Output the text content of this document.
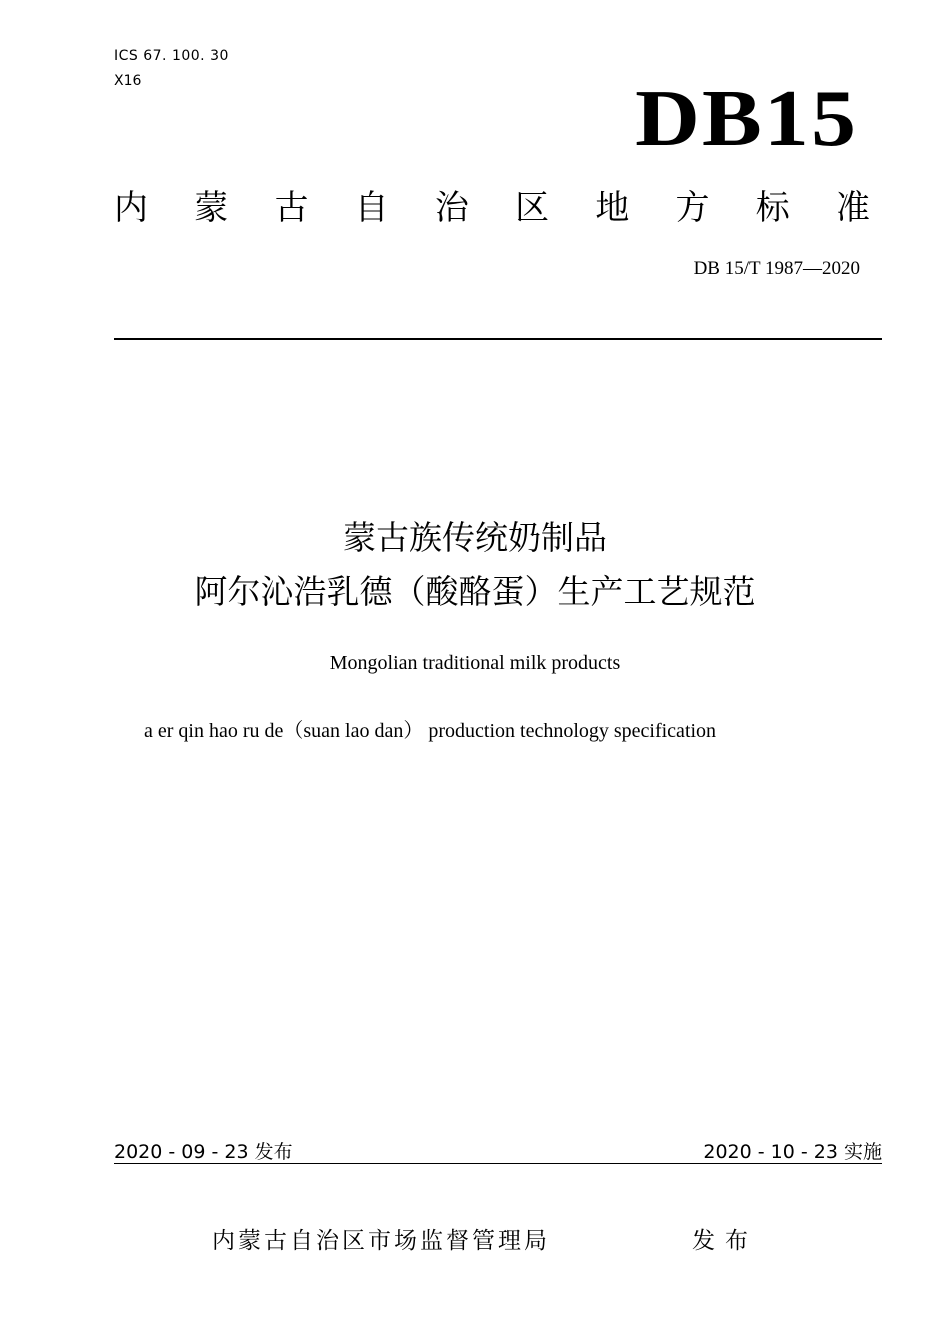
ICS 67. 100. 30
X16	DB15
内 蒙 古 自 治 区 地 方 标 准
DB 15/T 1987—2020
蒙古族传统奶制品
阿尔沁浩乳德（酸酪蛋）生产工艺规范
Mongolian traditional milk products
a er qin hao ru de（suan lao dan） production technology specification
2020 - 09 - 23 发布	2020 - 10 - 23 实施
内蒙古自治区市场监督管理局	发布
